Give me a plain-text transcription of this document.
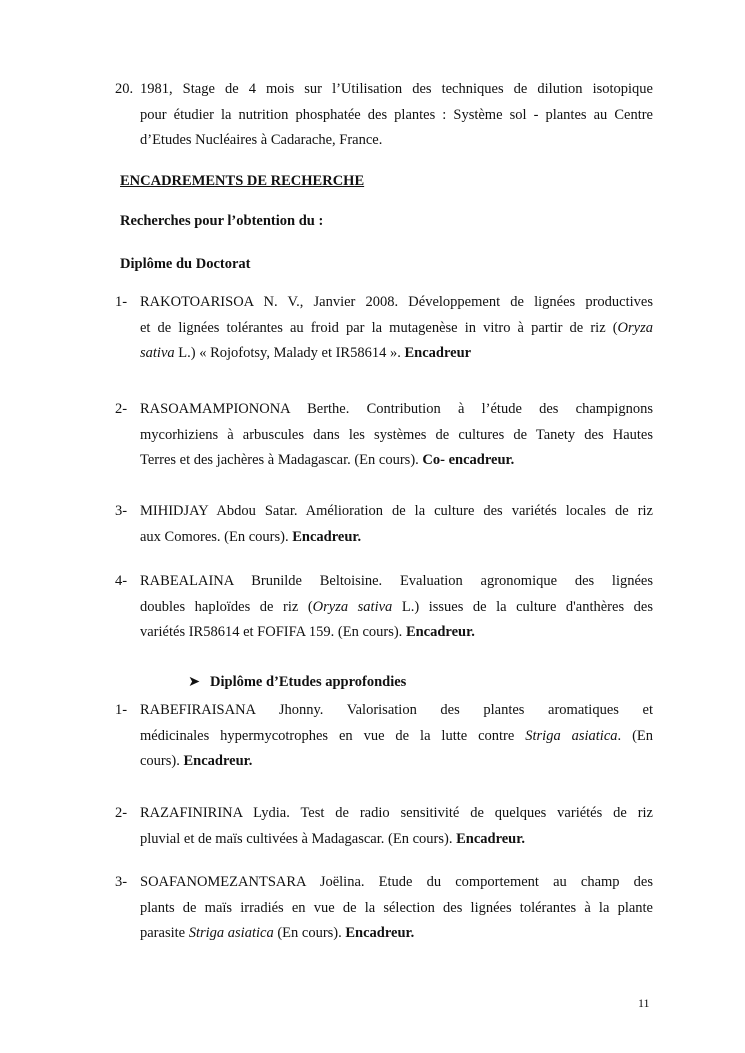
20. 1981, Stage de 4 mois sur l’Utilisation des techniques de dilution isotopique
pour étudier la nutrition phosphatée des plantes : Système sol - plantes au Centre
d’Etudes Nucléaires à Cadarache, France.
ENCADREMENTS DE RECHERCHE
Recherches pour l’obtention du :
Diplôme du Doctorat
1- RAKOTOARISOA N. V., Janvier 2008. Développement de lignées productives
et de lignées tolérantes au froid par la mutagenèse in vitro à partir de riz (Oryza
sativa L.) « Rojofotsy, Malady et IR58614 ». Encadreur
2- RASOAMAMPIONONA Berthe. Contribution à l’étude des champignons
mycorhiziens à arbuscules dans les systèmes de cultures de Tanety des Hautes
Terres et des jachères à Madagascar. (En cours). Co- encadreur.
3- MIHIDJAY Abdou Satar. Amélioration de la culture des variétés locales de riz
aux Comores. (En cours). Encadreur.
4- RABEALAINA Brunilde Beltoisine. Evaluation agronomique des lignées
doubles haploïdes de riz (Oryza sativa L.) issues de la culture d'anthères des
variétés IR58614 et FOFIFA 159. (En cours). Encadreur.
➤ Diplôme d’Etudes approfondies
1- RABEFIRAISANA Jhonny. Valorisation des plantes aromatiques et
médicinales hypermycotrophes en vue de la lutte contre Striga asiatica. (En
cours). Encadreur.
2- RAZAFINIRINA Lydia. Test de radio sensitivité de quelques variétés de riz
pluvial et de maïs cultivées à Madagascar. (En cours). Encadreur.
3- SOAFANOMEZANTSARA Joëlina. Etude du comportement au champ des
plants de maïs irradiés en vue de la sélection des lignées tolérantes à la plante
parasite Striga asiatica (En cours). Encadreur.
11
